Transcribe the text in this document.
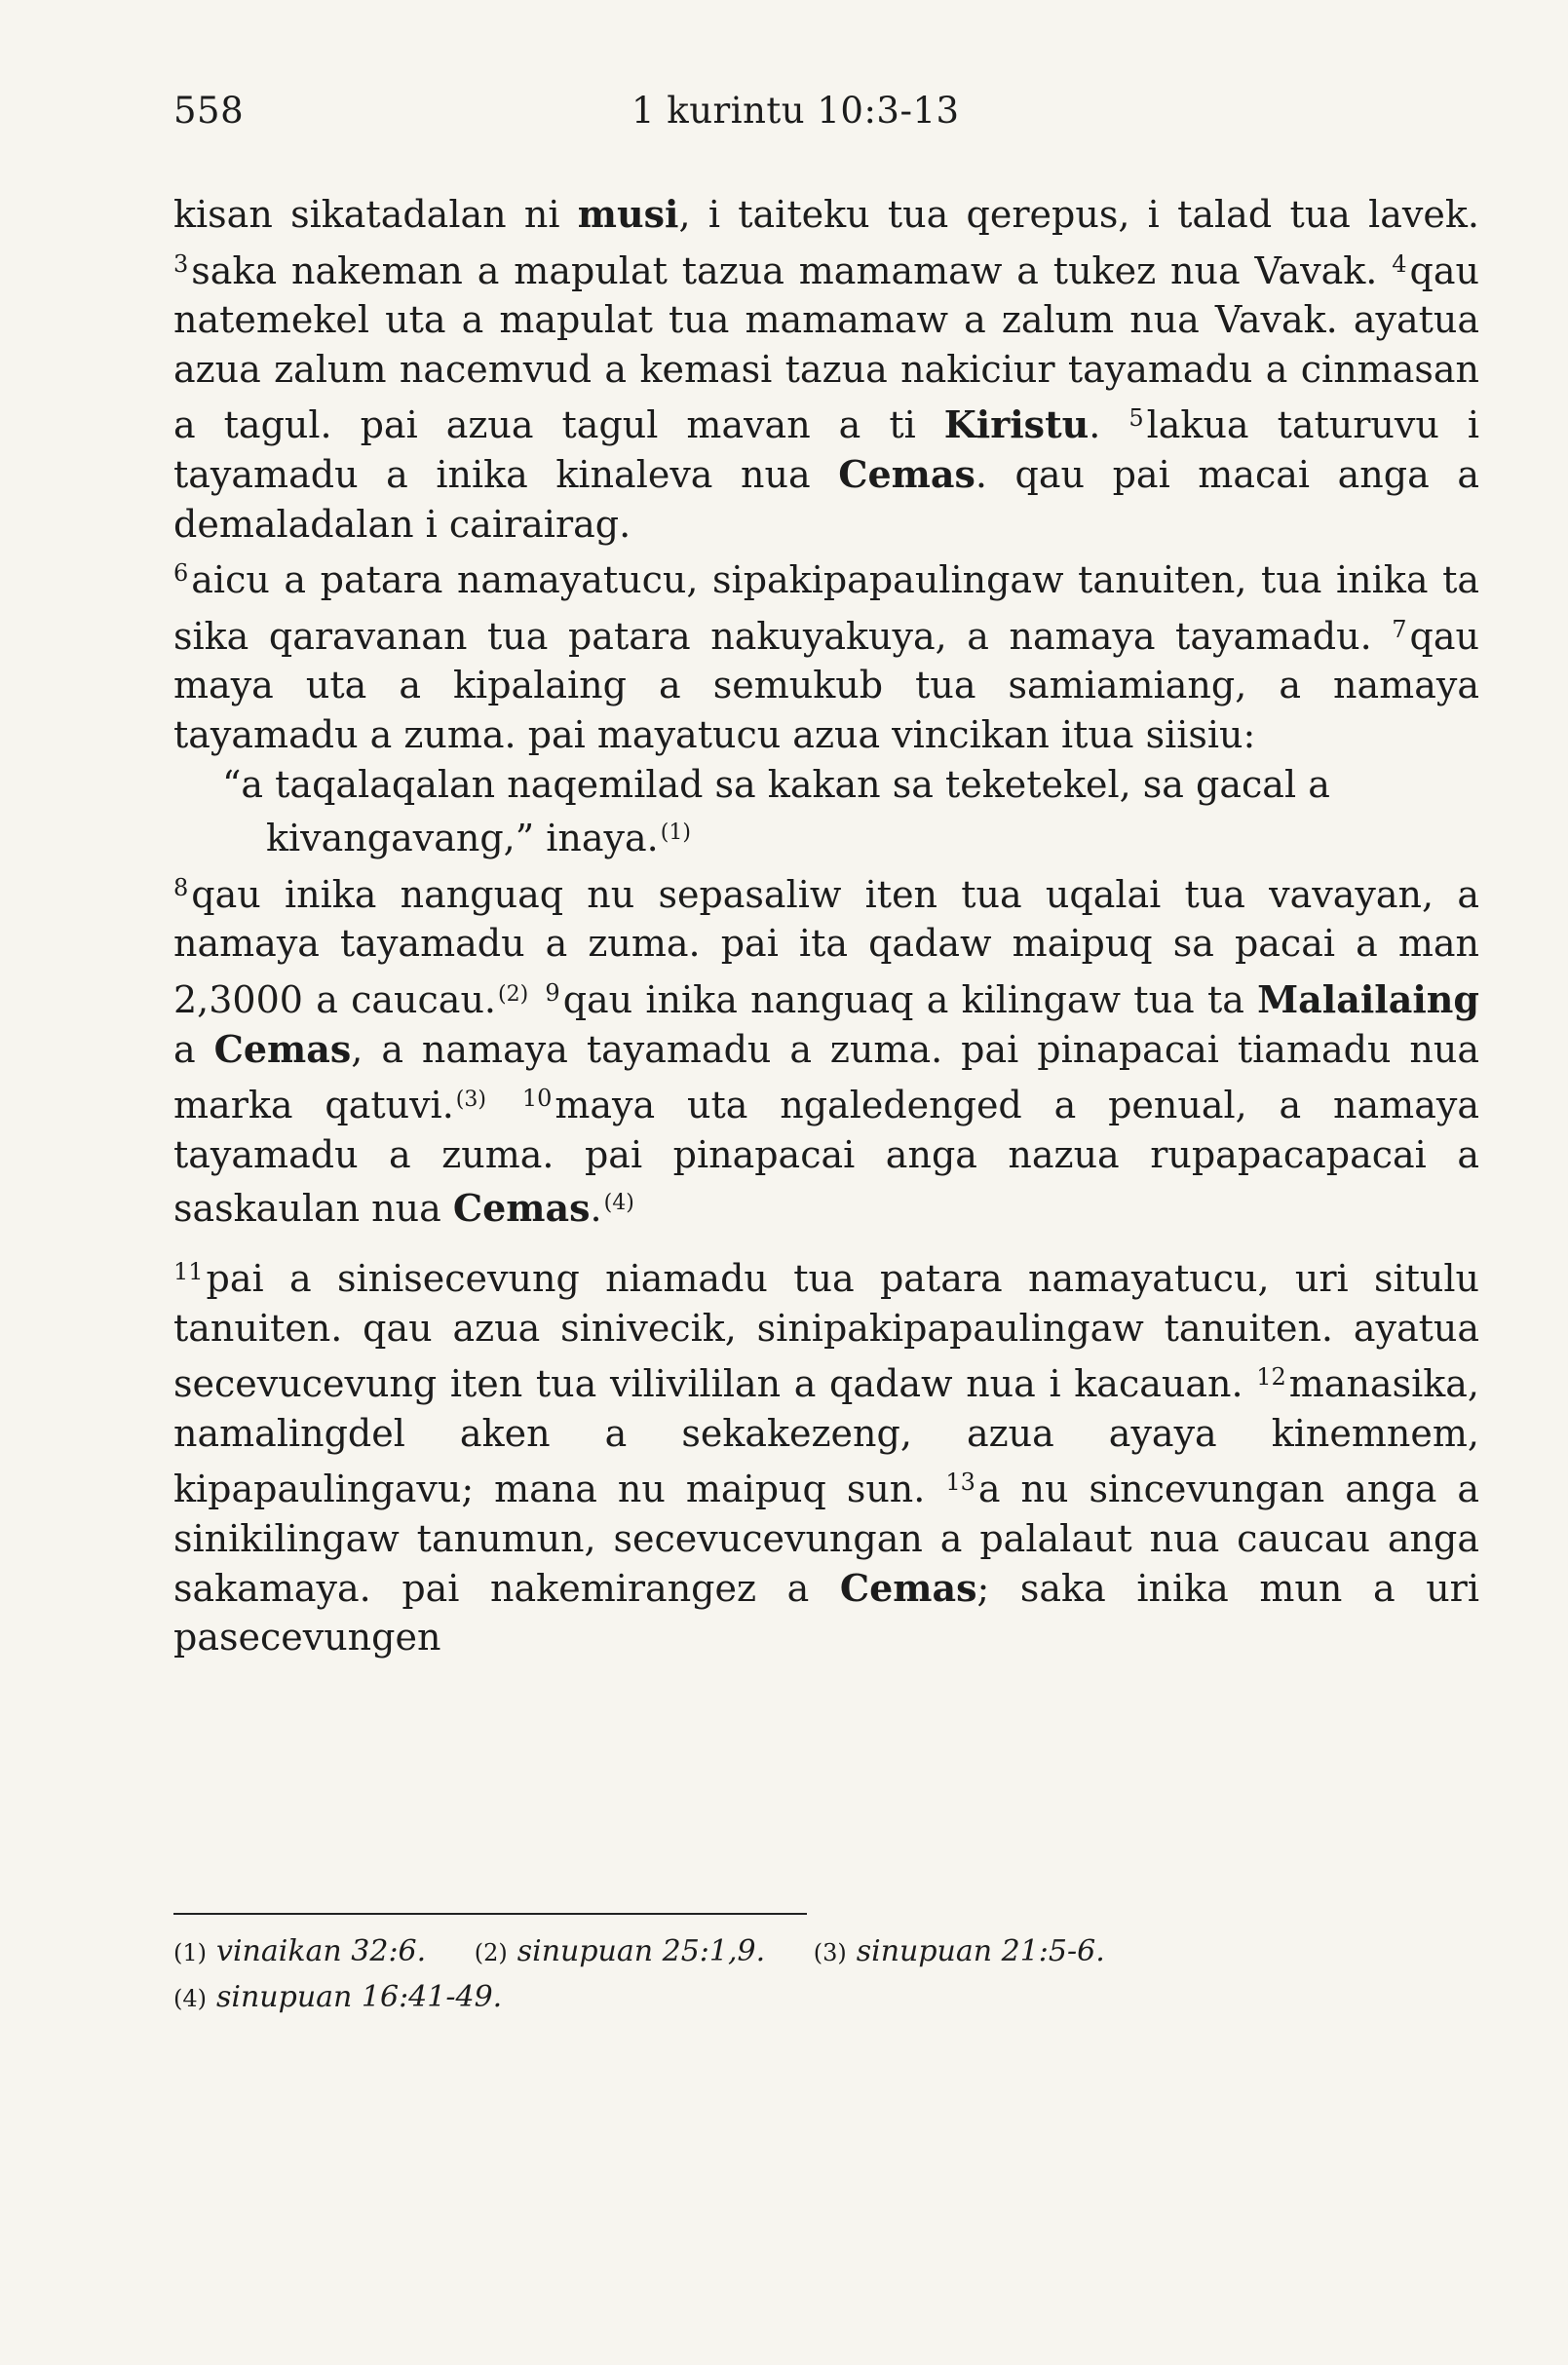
558	1 kurintu 10:3-13

kisan sikatadalan ni musi, i taiteku tua qerepus, i talad tua lavek. $^3$saka nakeman a mapulat tazua mamamaw a tukez nua Vavak. $^4$qau natemekel uta a mapulat tua mamamaw a zalum nua Vavak. ayatua azua zalum nacemvud a kemasi tazua nakiciur tayamadu a cinmasan a tagul. pai azua tagul mavan a ti Kiristu. $^5$lakua taturuvu i tayamadu a inika kinaleva nua Cemas. qau pai macai anga a demaladalan i cairairag.

$^6$aicu a patara namayatucu, sipakipapaulingaw tanuiten, tua inika ta sika qaravanan tua patara nakuyakuya, a namaya tayamadu. $^7$qau maya uta a kipalaing a semukub tua samiamiang, a namaya tayamadu a zuma. pai mayatucu azua vincikan itua siisiu:

“a taqalaqalan naqemilad sa kakan sa teketekel, sa gacal a

kivangavang,” inaya.$^{(1)}$

$^8$qau inika nanguaq nu sepasaliw iten tua uqalai tua vavayan, a namaya tayamadu a zuma. pai ita qadaw maipuq sa pacai a man 2,3000 a caucau.$^{(2)}$ $^9$qau inika nanguaq a kilingaw tua ta Malailaing a Cemas, a namaya tayamadu a zuma. pai pinapacai tiamadu nua marka qatuvi.$^{(3)}$ $^{10}$maya uta ngaledenged a penual, a namaya tayamadu a zuma. pai pinapacai anga nazua rupapacapacai a saskaulan nua Cemas.$^{(4)}$

$^{11}$pai a sinisecevung niamadu tua patara namayatucu, uri situlu tanuiten. qau azua sinivecik, sinipakipapaulingaw tanuiten. ayatua secevucevung iten tua vilivililan a qadaw nua i kacauan. $^{12}$manasika, namalingdel aken a sekakezeng, azua ayaya kinemnem, kipapaulingavu; mana nu maipuq sun. $^{13}$a nu sincevungan anga a sinikilingaw tanumun, secevucevungan a palalaut nua caucau anga sakamaya. pai nakemirangez a Cemas; saka inika mun a uri pasecevungen

(1) vinaikan 32:6. (2) sinupuan 25:1,9. (3) sinupuan 21:5-6.
(4) sinupuan 16:41-49.
